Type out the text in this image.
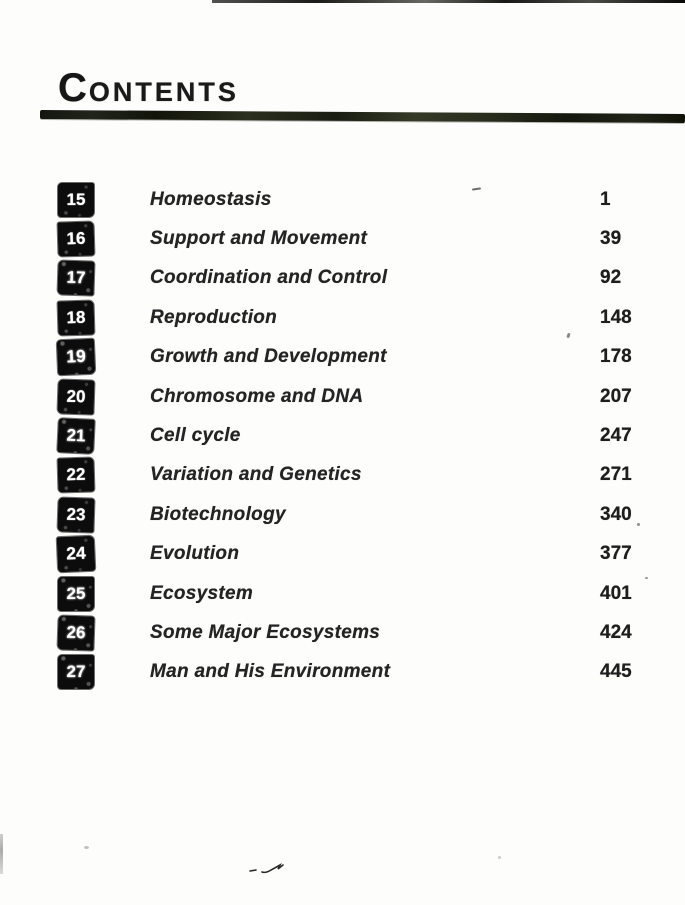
C ONTENTS
15	Homeostasis	1
16	Support and Movement	39
17	Coordination and Control	92
18	Reproduction	148
19	Growth and Development	178
20	Chromosome and DNA	207
21	Cell cycle	247
22	Variation and Genetics	271
23	Biotechnology	340
24	Evolution	377
25	Ecosystem	401
26	Some Major Ecosystems	424
27	Man and His Environment	445
